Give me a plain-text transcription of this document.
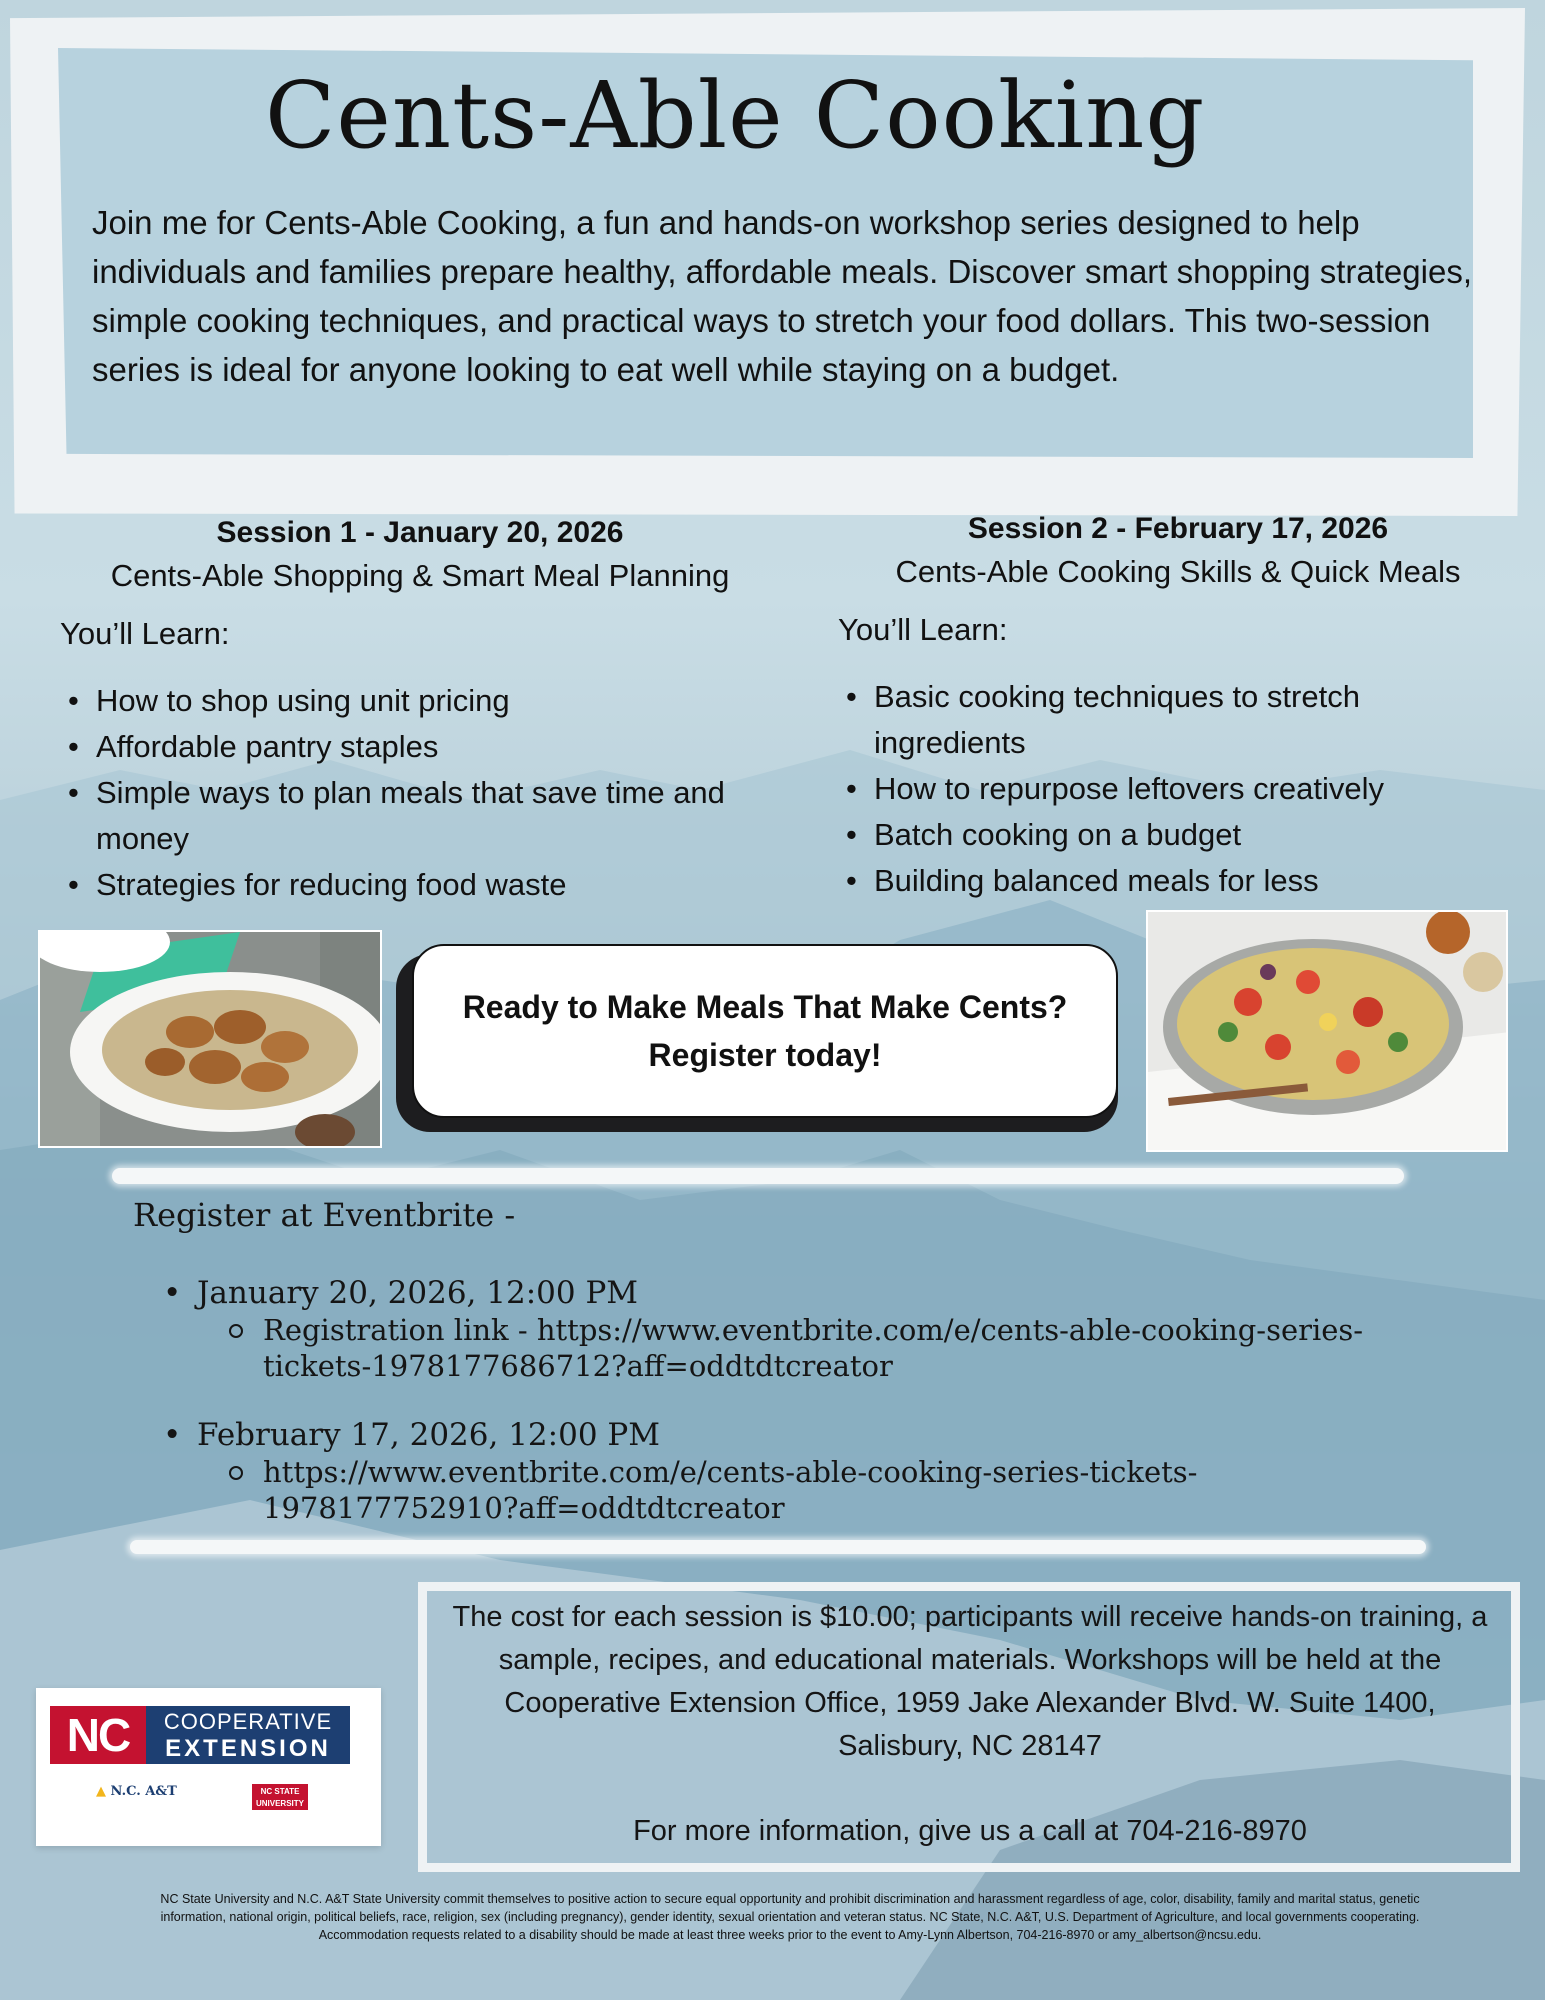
Cents-Able Cooking

Join me for Cents-Able Cooking, a fun and hands-on workshop series designed to help individuals and families prepare healthy, affordable meals. Discover smart shopping strategies, simple cooking techniques, and practical ways to stretch your food dollars. This two-session series is ideal for anyone looking to eat well while staying on a budget.

Session 1 - January 20, 2026
Cents-Able Shopping & Smart Meal Planning
You’ll Learn:
• How to shop using unit pricing
• Affordable pantry staples
• Simple ways to plan meals that save time and money
• Strategies for reducing food waste
Session 2 - February 17, 2026
Cents-Able Cooking Skills & Quick Meals
You’ll Learn:
• Basic cooking techniques to stretch ingredients
• How to repurpose leftovers creatively
• Batch cooking on a budget
• Building balanced meals for less
Ready to Make Meals That Make Cents?
Register today!
Register at Eventbrite -
• January 20, 2026, 12:00 PM
Registration link - https://www.eventbrite.com/e/cents-able-cooking-series-tickets-1978177686712?aff=oddtdtcreator
• February 17, 2026, 12:00 PM
https://www.eventbrite.com/e/cents-able-cooking-series-tickets-1978177752910?aff=oddtdtcreator
The cost for each session is $10.00; participants will receive hands-on training, a sample, recipes, and educational materials. Workshops will be held at the Cooperative Extension Office, 1959 Jake Alexander Blvd. W. Suite 1400, Salisbury, NC 28147
For more information, give us a call at 704-216-8970
NC	COOPERATIVE
EXTENSION
▲ N.C. A&T	NC STATE UNIVERSITY
NC State University and N.C. A&T State University commit themselves to positive action to secure equal opportunity and prohibit discrimination and harassment regardless of age, color, disability, family and marital status, genetic information, national origin, political beliefs, race, religion, sex (including pregnancy), gender identity, sexual orientation and veteran status. NC State, N.C. A&T, U.S. Department of Agriculture, and local governments cooperating.
Accommodation requests related to a disability should be made at least three weeks prior to the event to Amy-Lynn Albertson, 704-216-8970 or amy_albertson@ncsu.edu.
